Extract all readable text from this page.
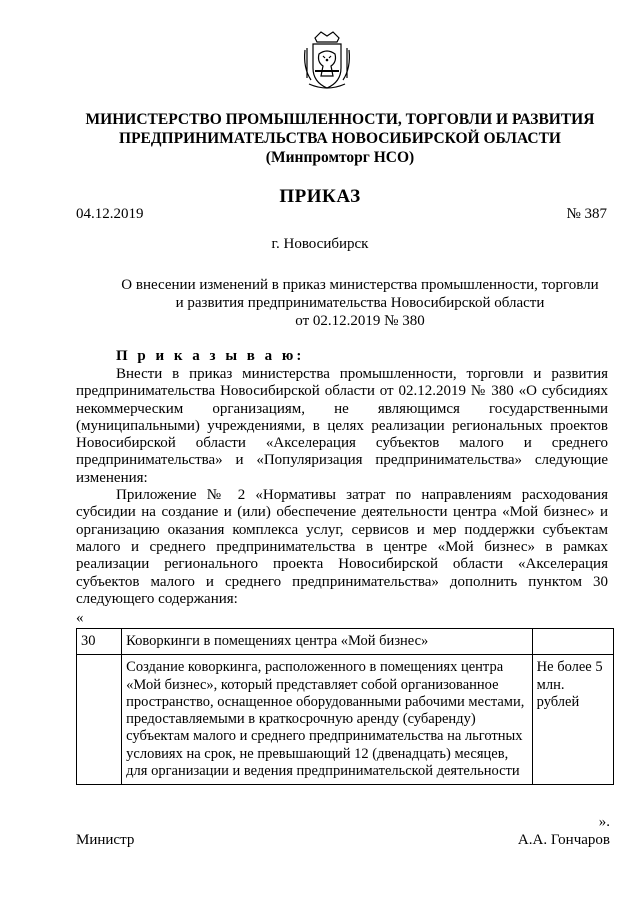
МИНИСТЕРСТВО ПРОМЫШЛЕННОСТИ, ТОРГОВЛИ И РАЗВИТИЯ
ПРЕДПРИНИМАТЕЛЬСТВА НОВОСИБИРСКОЙ ОБЛАСТИ
(Минпромторг НСО)
ПРИКАЗ
04.12.2019	№ 387
г. Новосибирск
О внесении изменений в приказ министерства промышленности, торговли
и развития предпринимательства Новосибирской области
от 02.12.2019 № 380
П р и к а з ы в а ю:

Внести в приказ министерства промышленности, торговли и развития предпринимательства Новосибирской области от 02.12.2019 № 380 «О субсидиях некоммерческим организациям, не являющимся государственными (муниципальными) учреждениями, в целях реализации региональных проектов Новосибирской области «Акселерация субъектов малого и среднего предпринимательства» и «Популяризация предпринимательства» следующие изменения:

Приложение № 2 «Нормативы затрат по направлениям расходования субсидии на создание и (или) обеспечение деятельности центра «Мой бизнес» и организацию оказания комплекса услуг, сервисов и мер поддержки субъектам малого и среднего предпринимательства в центре «Мой бизнес» в рамках реализации регионального проекта Новосибирской области «Акселерация субъектов малого и среднего предпринимательства» дополнить пунктом 30 следующего содержания:

«
30	Коворкинги в помещениях центра «Мой бизнес»	
	Создание коворкинга, расположенного в помещениях центра «Мой бизнес», который представляет собой организованное пространство, оснащенное оборудованными рабочими местами, предоставляемыми в краткосрочную аренду (субаренду) субъектам малого и среднего предпринимательства на льготных условиях на срок, не превышающий 12 (двенадцать) месяцев, для организации и ведения предпринимательской деятельности	Не более 5 млн. рублей
».
Министр	А.А. Гончаров
